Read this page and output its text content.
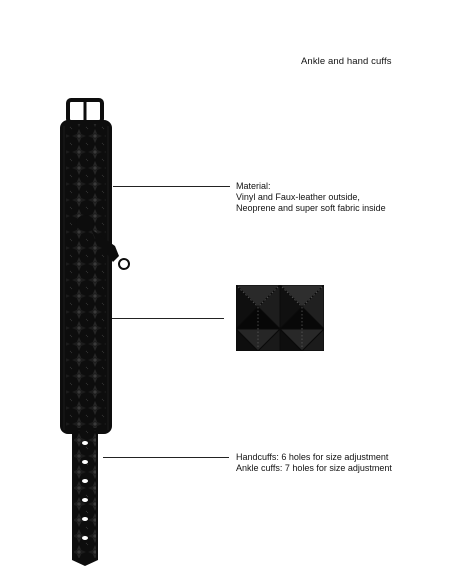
Ankle and hand cuffs
Material:
Vinyl and Faux-leather outside,
Neoprene and super soft fabric inside
Handcuffs: 6 holes for size adjustment
Ankle cuffs: 7 holes for size adjustment
